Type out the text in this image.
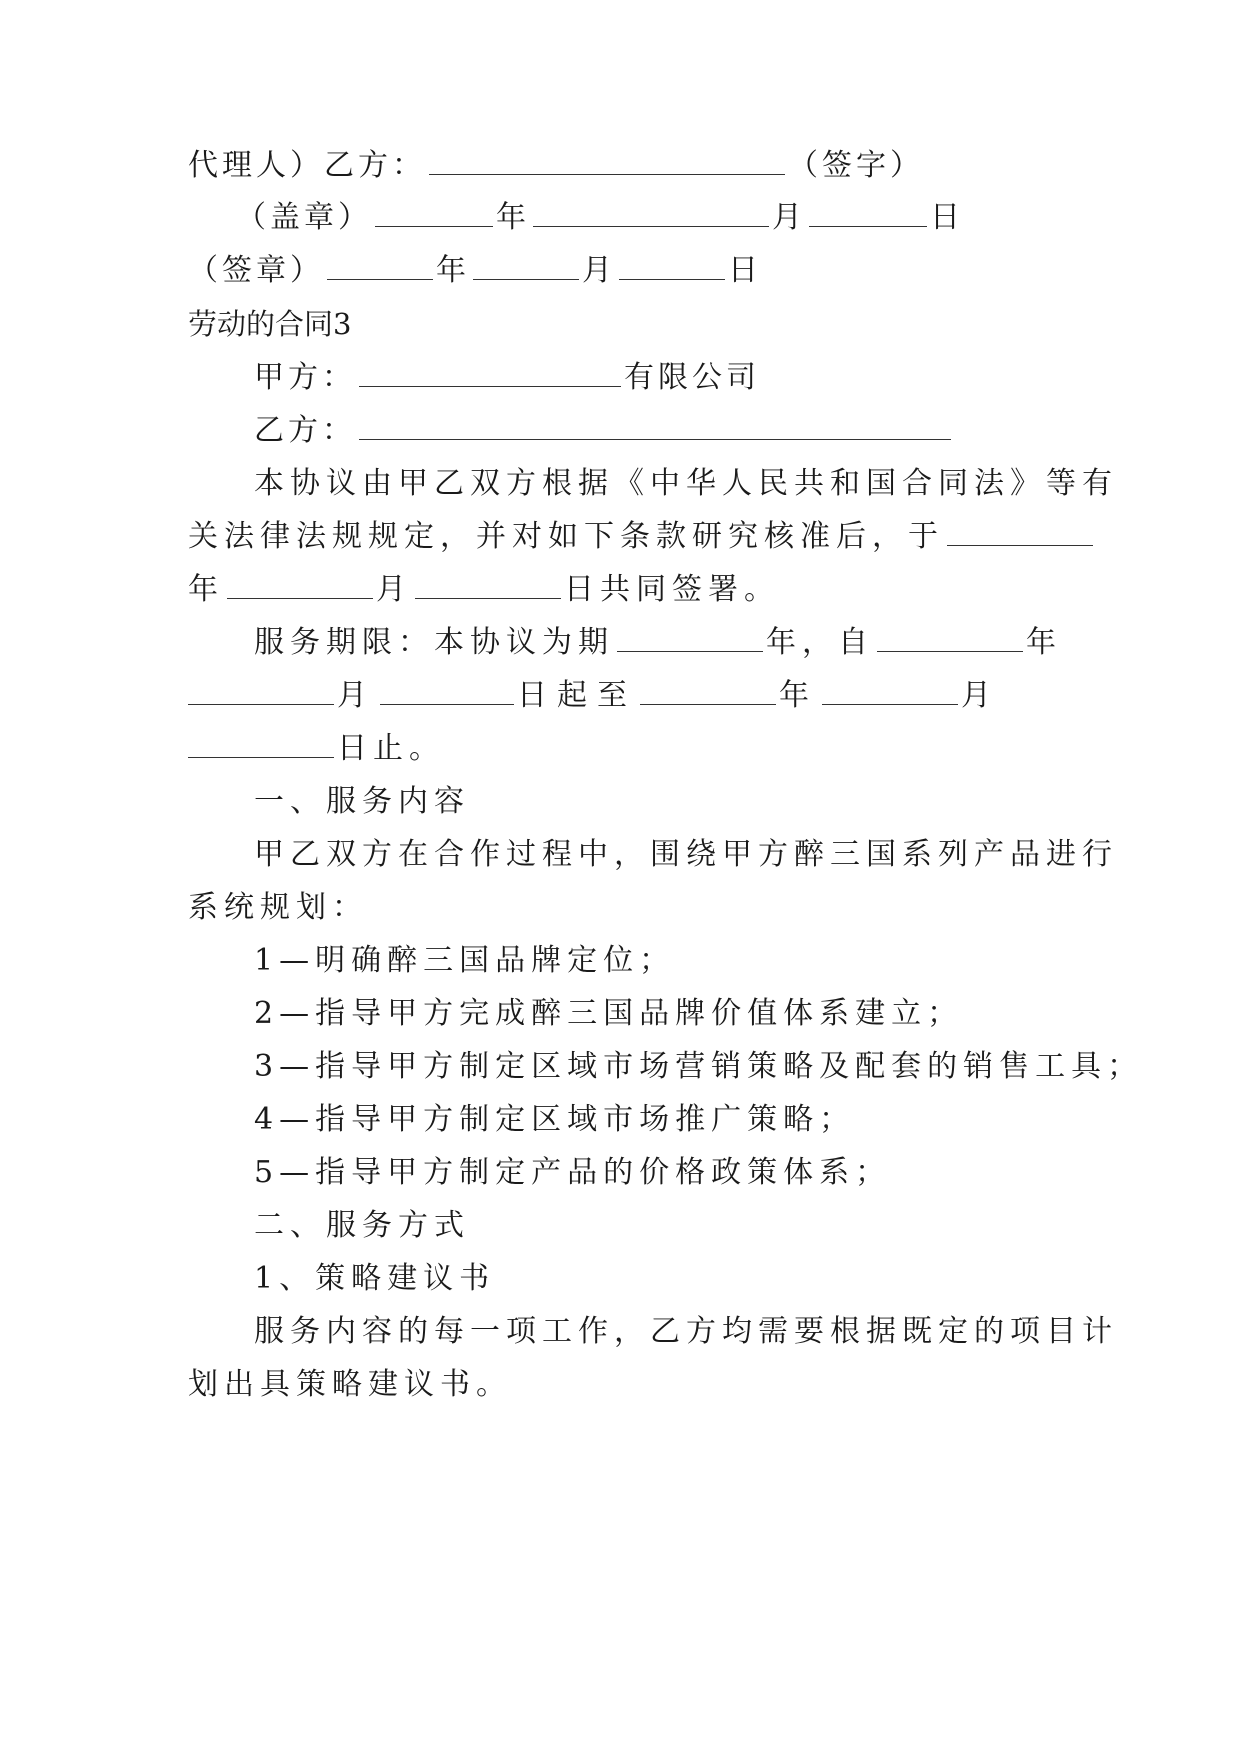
代理人）乙方：	（签字）
（盖章）	年	月	日
（签章）	年	月	日
劳动的合同3
甲方：	有限公司
乙方：
本协议由甲乙双方根据《中华人民共和国合同法》等有
关法律法规规定，并对如下条款研究核准后，于
年	月	日共同签署。
服务期限：本协议为期	年，自	年
月	日起至	年	月
日止。
一、服务内容
甲乙双方在合作过程中，围绕甲方醉三国系列产品进行
系统规划：
1—明确醉三国品牌定位；
2—指导甲方完成醉三国品牌价值体系建立；
3—指导甲方制定区域市场营销策略及配套的销售工具；
4—指导甲方制定区域市场推广策略；
5—指导甲方制定产品的价格政策体系；
二、服务方式
1、策略建议书
服务内容的每一项工作，乙方均需要根据既定的项目计
划出具策略建议书。
